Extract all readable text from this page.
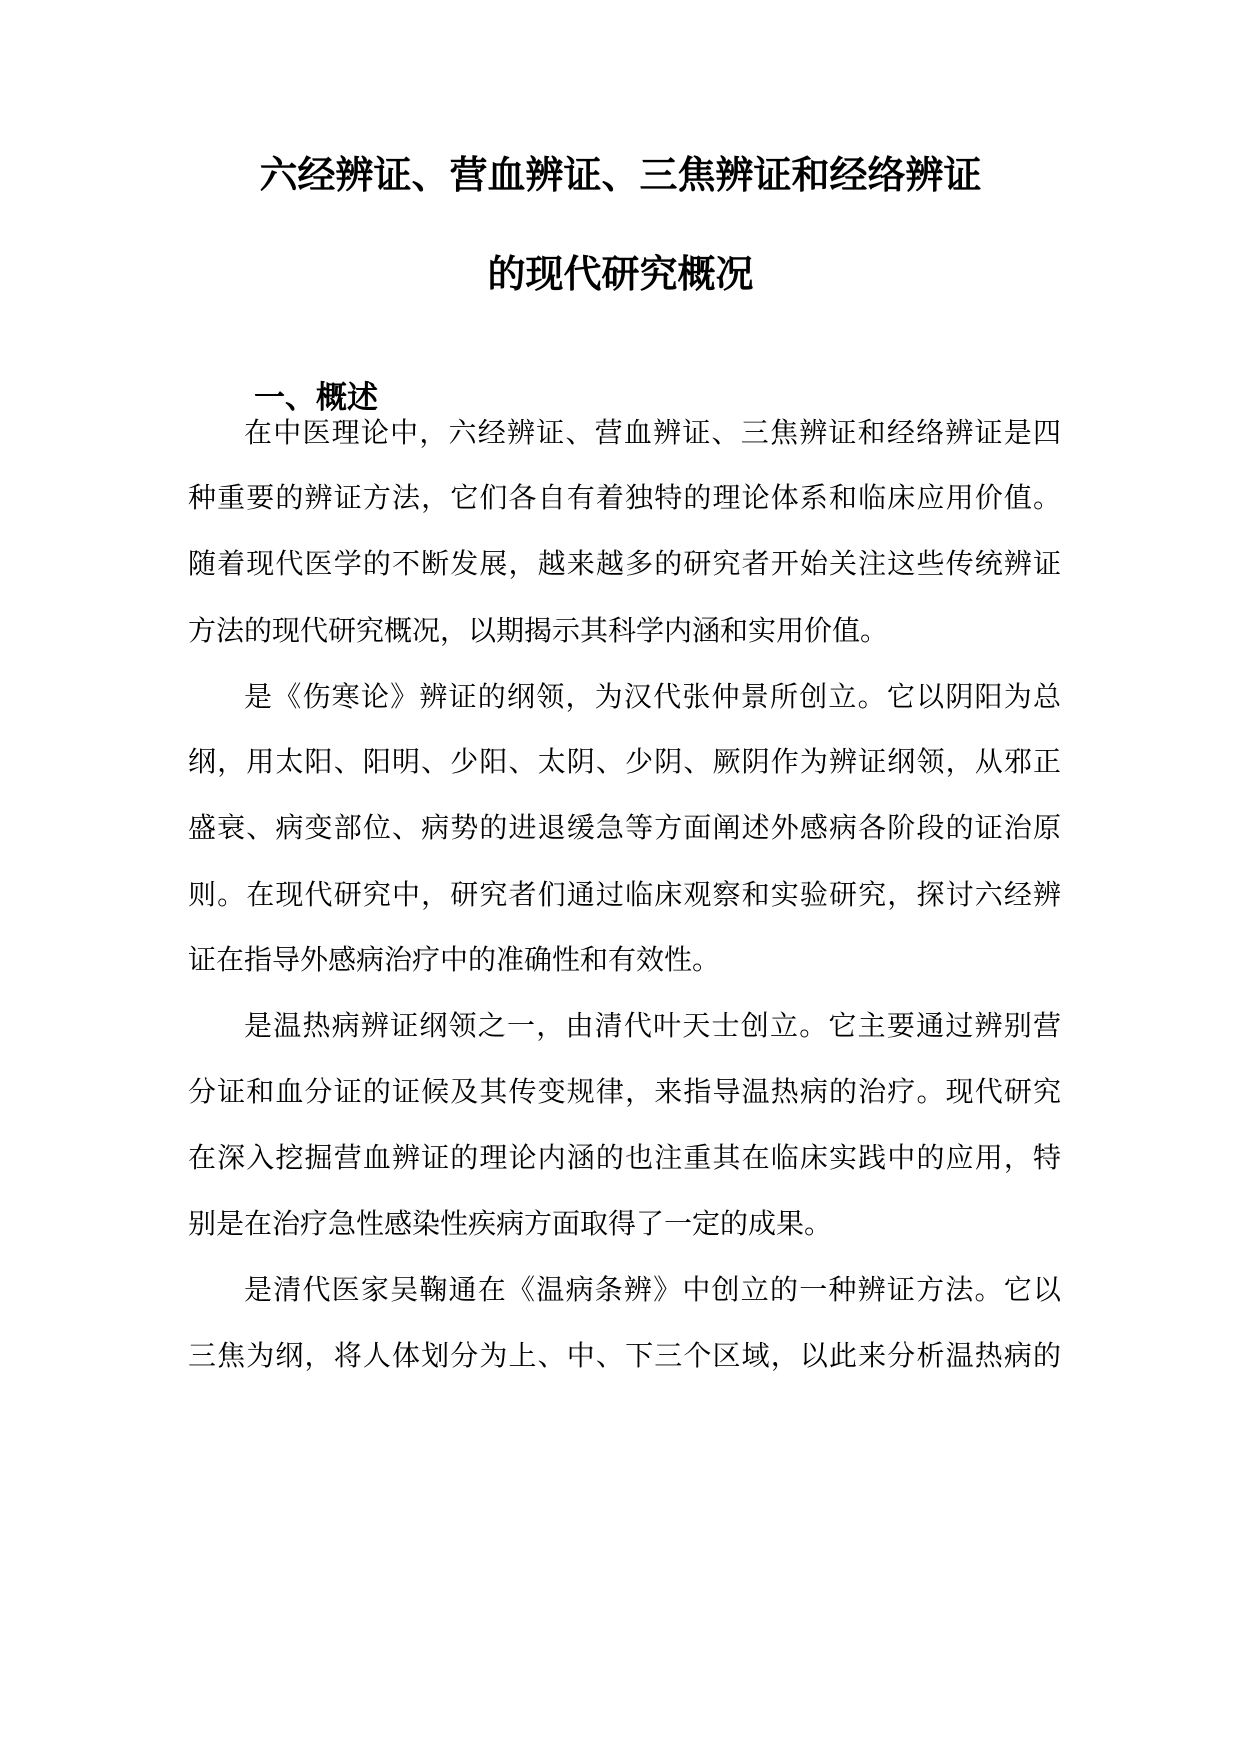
六经辨证、营血辨证、三焦辨证和经络辨证
的现代研究概况
一、概述

在中医理论中，六经辨证、营血辨证、三焦辨证和经络辨证是四

种重要的辨证方法，它们各自有着独特的理论体系和临床应用价值。

随着现代医学的不断发展，越来越多的研究者开始关注这些传统辨证

方法的现代研究概况，以期揭示其科学内涵和实用价值。

是《伤寒论》辨证的纲领，为汉代张仲景所创立。它以阴阳为总

纲，用太阳、阳明、少阳、太阴、少阴、厥阴作为辨证纲领，从邪正

盛衰、病变部位、病势的进退缓急等方面阐述外感病各阶段的证治原

则。在现代研究中，研究者们通过临床观察和实验研究，探讨六经辨

证在指导外感病治疗中的准确性和有效性。

是温热病辨证纲领之一，由清代叶天士创立。它主要通过辨别营

分证和血分证的证候及其传变规律，来指导温热病的治疗。现代研究

在深入挖掘营血辨证的理论内涵的也注重其在临床实践中的应用，特

别是在治疗急性感染性疾病方面取得了一定的成果。

是清代医家吴鞠通在《温病条辨》中创立的一种辨证方法。它以

三焦为纲，将人体划分为上、中、下三个区域，以此来分析温热病的
